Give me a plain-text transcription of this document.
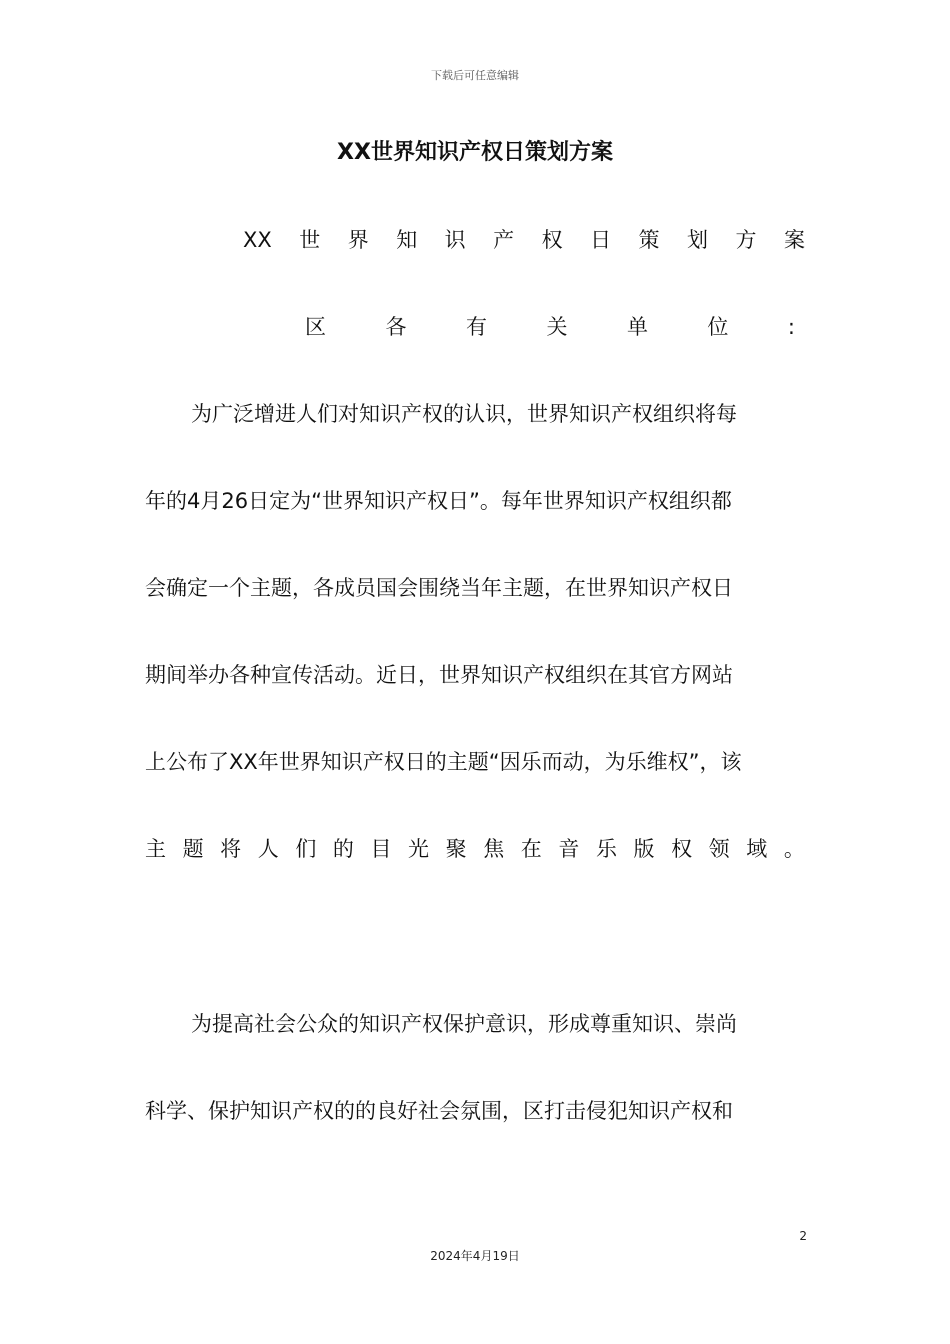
下载后可任意编辑
XX世界知识产权日策划方案
XX 世 界 知 识 产 权 日 策 划 方 案
区	各	有	关	单	位	:
为广泛增进人们对知识产权的认识，世界知识产权组织将每
年的4月26日定为“世界知识产权日”。每年世界知识产权组织都
会确定一个主题，各成员国会围绕当年主题，在世界知识产权日
期间举办各种宣传活动。近日，世界知识产权组织在其官方网站
上公布了XX年世界知识产权日的主题“因乐而动，为乐维权”，该
主 题 将 人 们 的 目 光 聚 焦 在 音 乐 版 权 领 域 。
为提高社会公众的知识产权保护意识，形成尊重知识、崇尚
科学、保护知识产权的的良好社会氛围，区打击侵犯知识产权和
2
2024年4月19日
